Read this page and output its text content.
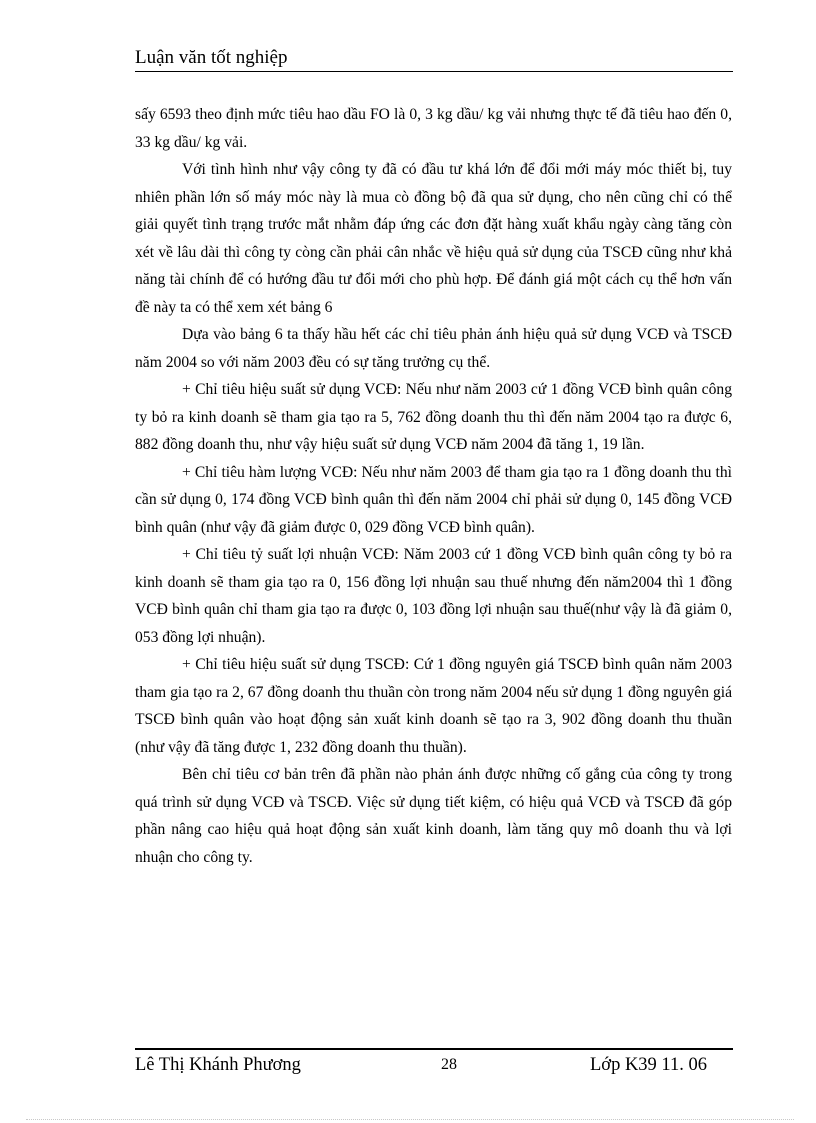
Luận văn tốt nghiệp

sấy 6593 theo định mức tiêu hao dầu FO là 0, 3 kg dầu/ kg vải nhưng thực tế đã tiêu hao đến 0, 33 kg dầu/ kg vải.

Với tình hình như vậy công ty đã có đầu tư khá lớn để đổi mới máy móc thiết bị, tuy nhiên phần lớn số máy móc này là mua cò đồng bộ đã qua sử dụng, cho nên cũng chỉ có thể giải quyết tình trạng trước mắt nhằm đáp ứng các đơn đặt hàng xuất khẩu ngày càng tăng còn xét về lâu dài thì công ty còng cần phải cân nhắc về hiệu quả sử dụng của TSCĐ cũng như khả năng tài chính để có hướng đầu tư đổi mới cho phù hợp. Để đánh giá một cách cụ thể hơn vấn đề này ta có thể xem xét bảng 6

Dựa vào bảng 6 ta thấy hầu hết các chỉ tiêu phản ánh hiệu quả sử dụng VCĐ và TSCĐ năm 2004 so với năm 2003 đều có sự tăng trưởng cụ thể.

+ Chỉ tiêu hiệu suất sử dụng VCĐ: Nếu như năm 2003 cứ 1 đồng VCĐ bình quân công ty bỏ ra kinh doanh sẽ tham gia tạo ra 5, 762 đồng doanh thu thì đến năm 2004 tạo ra được 6, 882 đồng doanh thu, như vậy hiệu suất sử dụng VCĐ năm 2004 đã tăng 1, 19 lần.

+ Chỉ tiêu hàm lượng VCĐ: Nếu như năm 2003 để tham gia tạo ra 1 đồng doanh thu thì cần sử dụng 0, 174 đồng VCĐ bình quân thì đến năm 2004 chỉ phải sử dụng 0, 145 đồng VCĐ bình quân (như vậy đã giảm được 0, 029 đồng VCĐ bình quân).

+ Chỉ tiêu tỷ suất lợi nhuận VCĐ: Năm 2003 cứ 1 đồng VCĐ bình quân công ty bỏ ra kinh doanh sẽ tham gia tạo ra 0, 156 đồng lợi nhuận sau thuế nhưng đến năm2004 thì 1 đồng VCĐ bình quân chỉ tham gia tạo ra được 0, 103 đồng lợi nhuận sau thuế(như vậy là đã giảm 0, 053 đồng lợi nhuận).

+ Chỉ tiêu hiệu suất sử dụng TSCĐ: Cứ 1 đồng nguyên giá TSCĐ bình quân năm 2003 tham gia tạo ra 2, 67 đồng doanh thu thuần còn trong năm 2004 nếu sử dụng 1 đồng nguyên giá TSCĐ bình quân vào hoạt động sản xuất kinh doanh sẽ tạo ra 3, 902 đồng doanh thu thuần (như vậy đã tăng được 1, 232 đồng doanh thu thuần).

Bên chỉ tiêu cơ bản trên đã phần nào phản ánh được những cố gắng của công ty trong quá trình sử dụng VCĐ và TSCĐ. Việc sử dụng tiết kiệm, có hiệu quả VCĐ và TSCĐ đã góp phần nâng cao hiệu quả hoạt động sản xuất kinh doanh, làm tăng quy mô doanh thu và lợi nhuận cho công ty.

Lê Thị Khánh Phương	28	Lớp K39 11. 06
